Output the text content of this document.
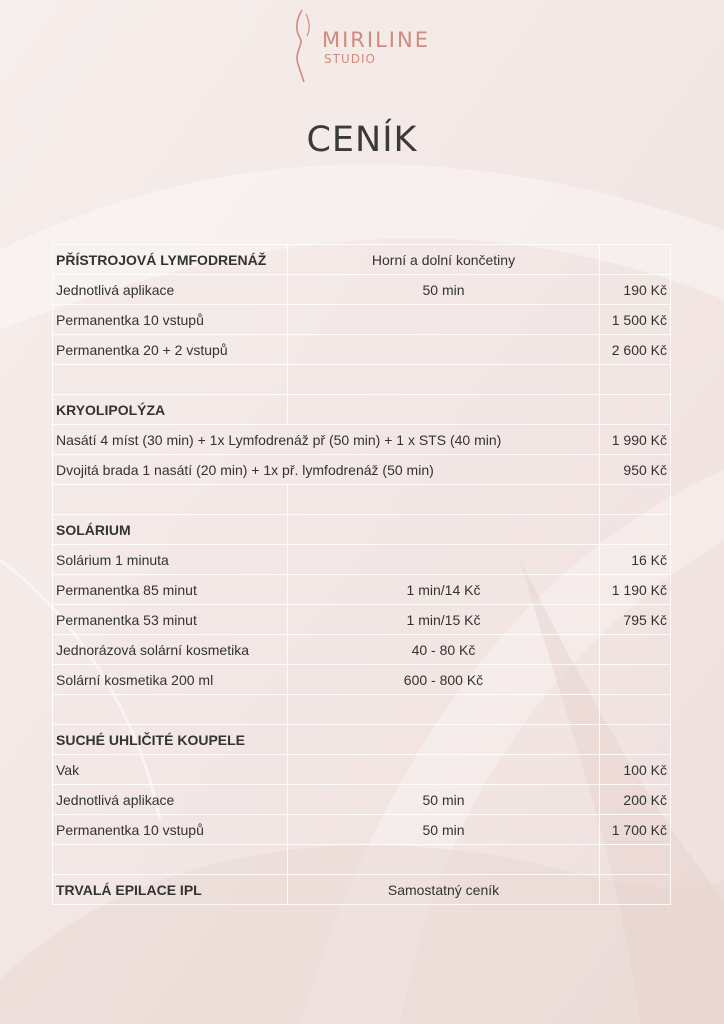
MIRILINE
STUDIO
CENÍK
PŘÍSTROJOVÁ LYMFODRENÁŽ	Horní a dolní končetiny	
Jednotlivá aplikace	50 min	190 Kč
Permanentka 10 vstupů		1 500 Kč
Permanentka 20 + 2 vstupů		2 600 Kč

KRYOLIPOLÝZA		
Nasátí 4 míst (30 min) + 1x Lymfodrenáž př (50 min) + 1 x STS (40 min)		1 990 Kč
Dvojitá brada 1 nasátí (20 min) + 1x př. lymfodrenáž (50 min)		950 Kč

SOLÁRIUM		
Solárium 1 minuta		16 Kč
Permanentka 85 minut	1 min/14 Kč	1 190 Kč
Permanentka 53 minut	1 min/15 Kč	795 Kč
Jednorázová solární kosmetika	40 - 80 Kč	
Solární kosmetika 200 ml	600 - 800 Kč	

SUCHÉ UHLIČITÉ KOUPELE		
Vak		100 Kč
Jednotlivá aplikace	50 min	200 Kč
Permanentka 10 vstupů	50 min	1 700 Kč

TRVALÁ EPILACE IPL	Samostatný ceník	
